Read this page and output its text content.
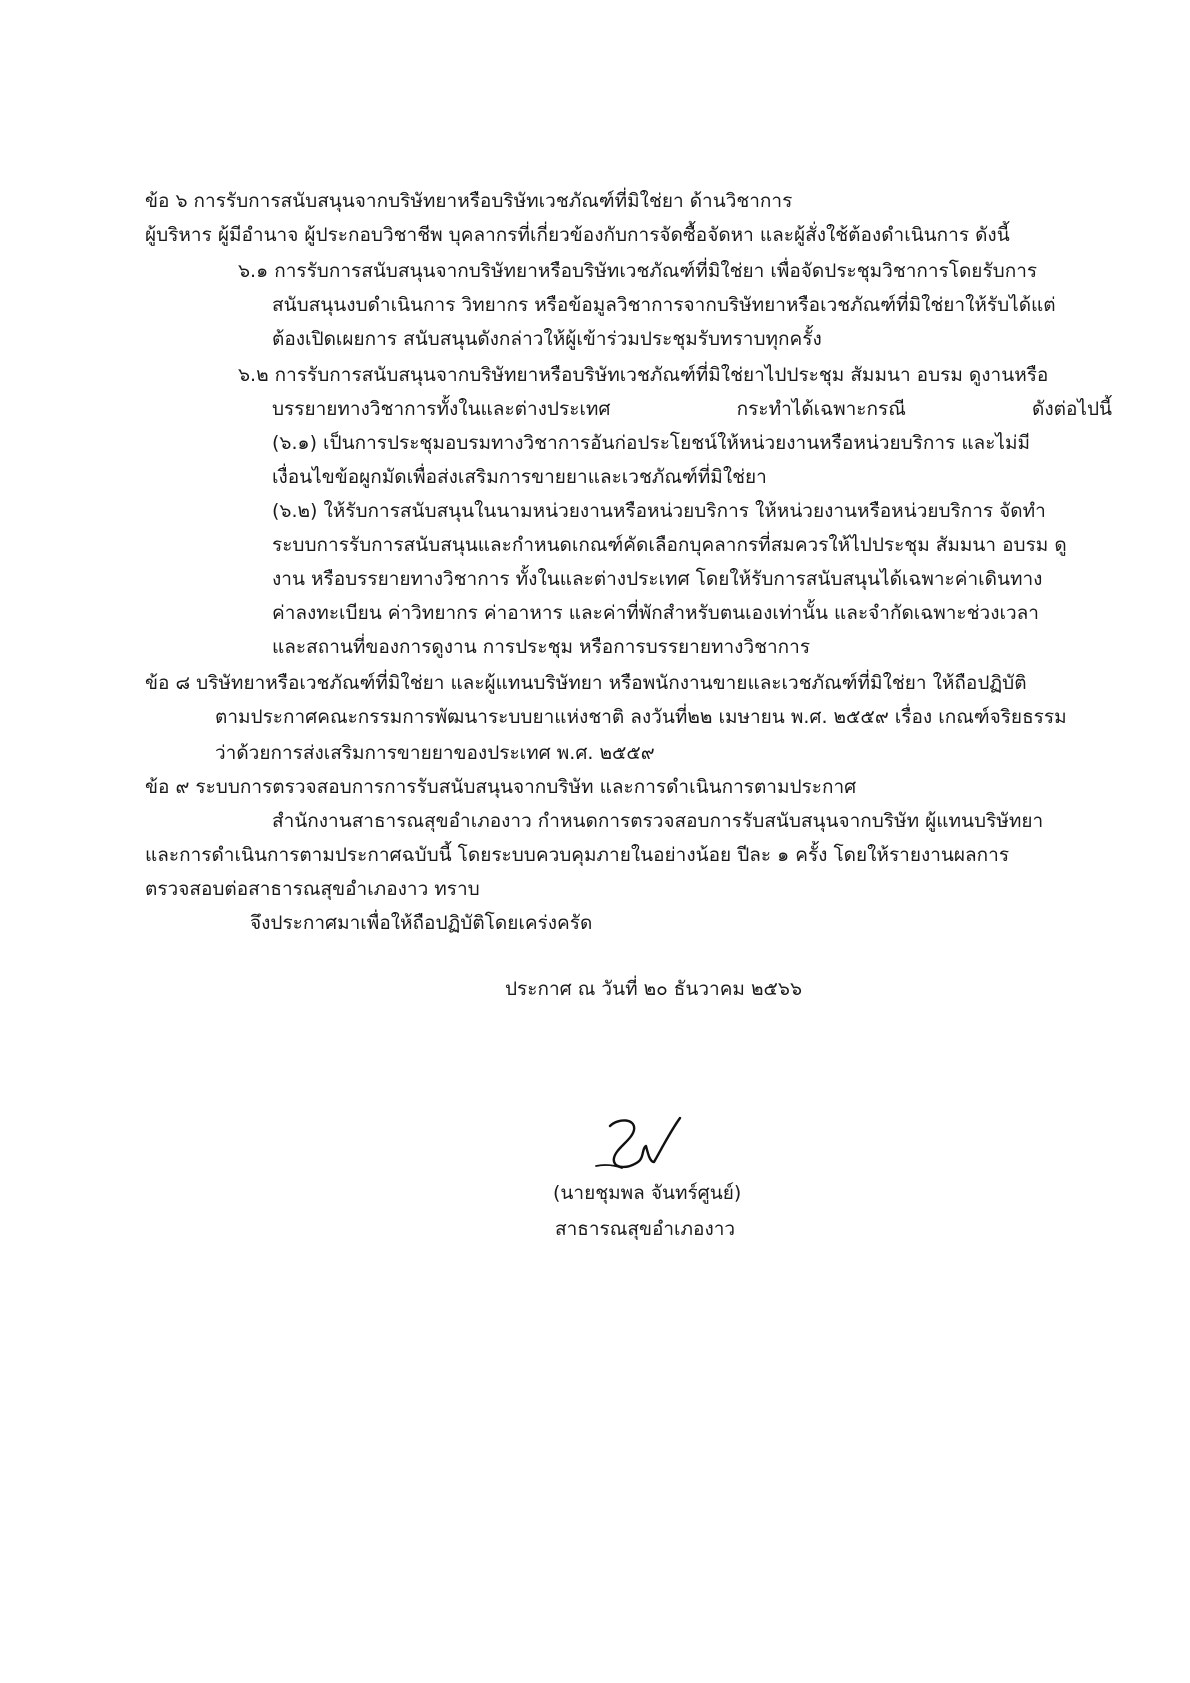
ข้อ ๖ การรับการสนับสนุนจากบริษัทยาหรือบริษัทเวชภัณฑ์ที่มิใช่ยา ด้านวิชาการ
ผู้บริหาร ผู้มีอำนาจ ผู้ประกอบวิชาชีพ บุคลากรที่เกี่ยวข้องกับการจัดซื้อจัดหา และผู้สั่งใช้ต้องดำเนินการ ดังนี้
๖.๑ การรับการสนับสนุนจากบริษัทยาหรือบริษัทเวชภัณฑ์ที่มิใช่ยา เพื่อจัดประชุมวิชาการโดยรับการ
สนับสนุนงบดำเนินการ วิทยากร หรือข้อมูลวิชาการจากบริษัทยาหรือเวชภัณฑ์ที่มิใช่ยาให้รับได้แต่
ต้องเปิดเผยการ สนับสนุนดังกล่าวให้ผู้เข้าร่วมประชุมรับทราบทุกครั้ง
๖.๒ การรับการสนับสนุนจากบริษัทยาหรือบริษัทเวชภัณฑ์ที่มิใช่ยาไปประชุม สัมมนา อบรม ดูงานหรือ
บรรยายทางวิชาการทั้งในและต่างประเทศ กระทำได้เฉพาะกรณี ดังต่อไปนี้
(๖.๑) เป็นการประชุมอบรมทางวิชาการอันก่อประโยชน์ให้หน่วยงานหรือหน่วยบริการ และไม่มี
เงื่อนไขข้อผูกมัดเพื่อส่งเสริมการขายยาและเวชภัณฑ์ที่มิใช่ยา
(๖.๒) ให้รับการสนับสนุนในนามหน่วยงานหรือหน่วยบริการ ให้หน่วยงานหรือหน่วยบริการ จัดทำ
ระบบการรับการสนับสนุนและกำหนดเกณฑ์คัดเลือกบุคลากรที่สมควรให้ไปประชุม สัมมนา อบรม ดู
งาน หรือบรรยายทางวิชาการ ทั้งในและต่างประเทศ โดยให้รับการสนับสนุนได้เฉพาะค่าเดินทาง
ค่าลงทะเบียน ค่าวิทยากร ค่าอาหาร และค่าที่พักสำหรับตนเองเท่านั้น และจำกัดเฉพาะช่วงเวลา
และสถานที่ของการดูงาน การประชุม หรือการบรรยายทางวิชาการ
ข้อ ๘ บริษัทยาหรือเวชภัณฑ์ที่มิใช่ยา และผู้แทนบริษัทยา หรือพนักงานขายและเวชภัณฑ์ที่มิใช่ยา ให้ถือปฏิบัติ
ตามประกาศคณะกรรมการพัฒนาระบบยาแห่งชาติ ลงวันที่๒๒ เมษายน พ.ศ. ๒๕๕๙ เรื่อง เกณฑ์จริยธรรม
ว่าด้วยการส่งเสริมการขายยาของประเทศ พ.ศ. ๒๕๕๙
ข้อ ๙ ระบบการตรวจสอบการการรับสนับสนุนจากบริษัท และการดำเนินการตามประกาศ
สำนักงานสาธารณสุขอำเภองาว กำหนดการตรวจสอบการรับสนับสนุนจากบริษัท ผู้แทนบริษัทยา
และการดำเนินการตามประกาศฉบับนี้ โดยระบบควบคุมภายในอย่างน้อย ปีละ ๑ ครั้ง โดยให้รายงานผลการ
ตรวจสอบต่อสาธารณสุขอำเภองาว ทราบ
จึงประกาศมาเพื่อให้ถือปฏิบัติโดยเคร่งครัด
ประกาศ ณ วันที่ ๒๐ ธันวาคม ๒๕๖๖
(นายชุมพล จันทร์ศูนย์)
สาธารณสุขอำเภองาว
